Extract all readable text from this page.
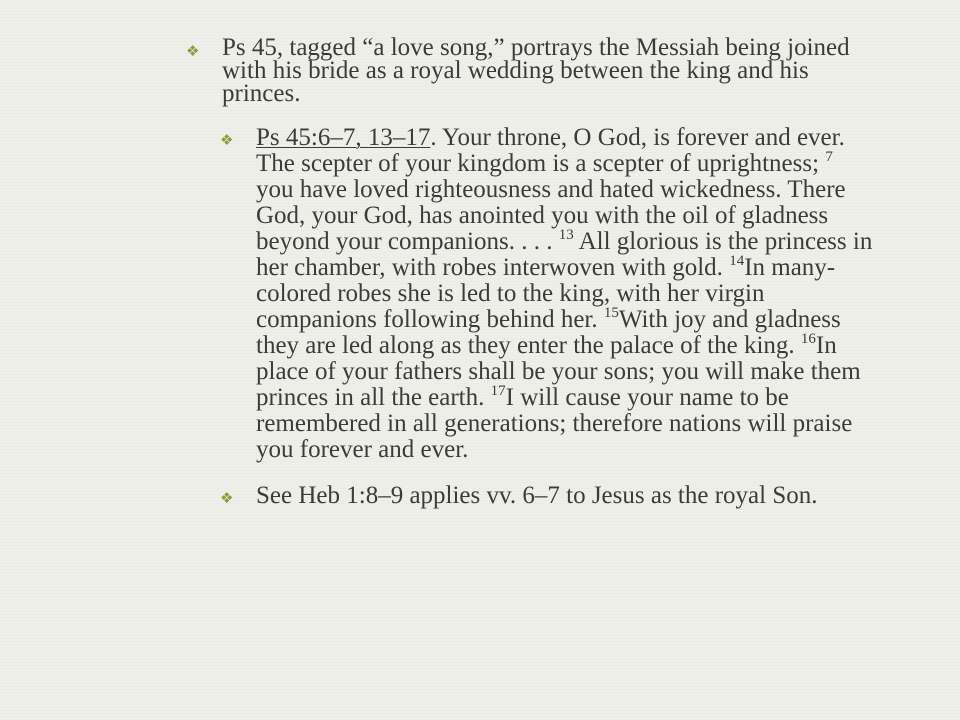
❖ Ps 45, tagged “a love song,” portrays the Messiah being joined with his bride as a royal wedding between the king and his princes.
❖ Ps 45:6–7, 13–17. Your throne, O God, is forever and ever. The scepter of your kingdom is a scepter of uprightness; $^7$ you have loved righteousness and hated wickedness. There God, your God, has anointed you with the oil of gladness beyond your companions. . . . $^{13}$ All glorious is the princess in her chamber, with robes interwoven with gold. $^{14}$In many-colored robes she is led to the king, with her virgin companions following behind her. $^{15}$With joy and gladness they are led along as they enter the palace of the king. $^{16}$In place of your fathers shall be your sons; you will make them princes in all the earth. $^{17}$I will cause your name to be remembered in all generations; therefore nations will praise you forever and ever.
❖ See Heb 1:8–9 applies vv. 6–7 to Jesus as the royal Son.
